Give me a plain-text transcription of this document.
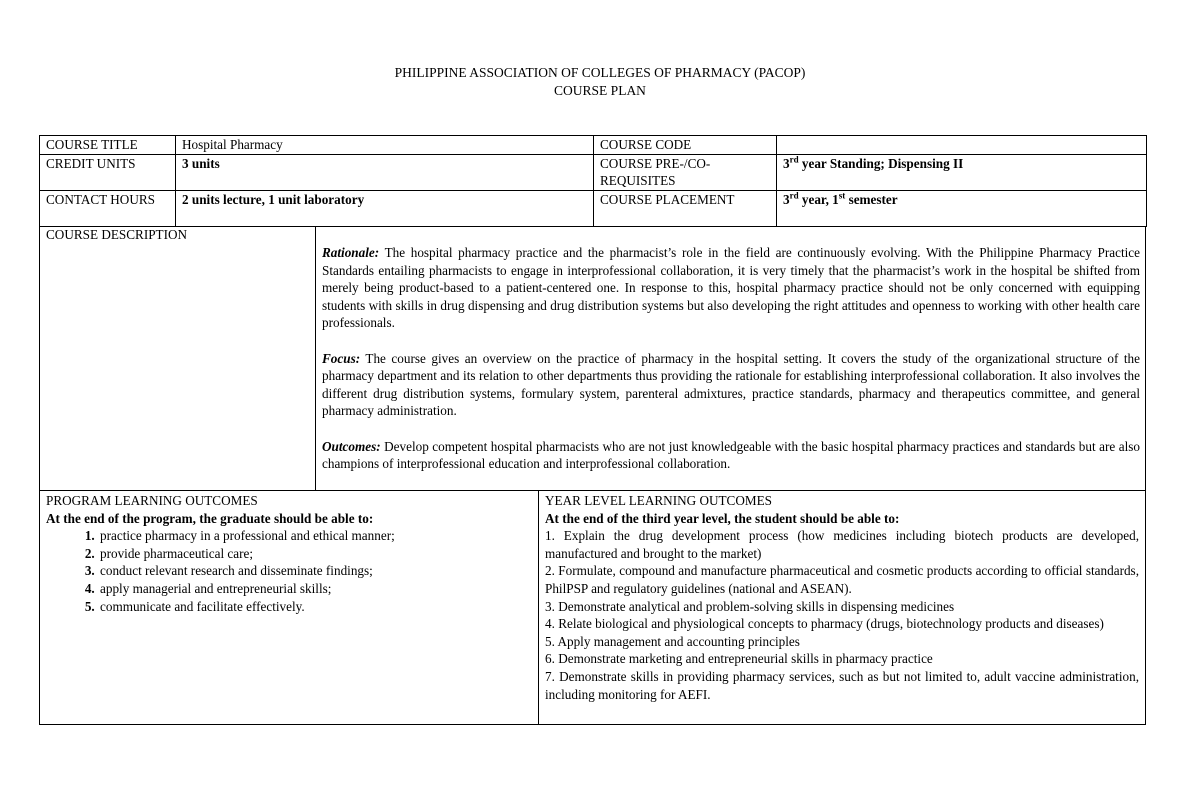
PHILIPPINE ASSOCIATION OF COLLEGES OF PHARMACY (PACOP)
COURSE PLAN
COURSE TITLE	Hospital Pharmacy	COURSE CODE	
CREDIT UNITS	3 units	COURSE PRE-/CO-REQUISITES	3rd year Standing; Dispensing II
CONTACT HOURS	2 units lecture, 1 unit laboratory	COURSE PLACEMENT	3rd year, 1st semester
COURSE DESCRIPTION

Rationale: The hospital pharmacy practice and the pharmacist’s role in the field are continuously evolving. With the Philippine Pharmacy Practice Standards entailing pharmacists to engage in interprofessional collaboration, it is very timely that the pharmacist’s work in the hospital be shifted from merely being product-based to a patient-centered one. In response to this, hospital pharmacy practice should not be only concerned with equipping students with skills in drug dispensing and drug distribution systems but also developing the right attitudes and openness to working with other health care professionals.

Focus: The course gives an overview on the practice of pharmacy in the hospital setting. It covers the study of the organizational structure of the pharmacy department and its relation to other departments thus providing the rationale for establishing interprofessional collaboration. It also involves the different drug distribution systems, formulary system, parenteral admixtures, practice standards, pharmacy and therapeutics committee, and general pharmacy administration.

Outcomes: Develop competent hospital pharmacists who are not just knowledgeable with the basic hospital pharmacy practices and standards but are also champions of interprofessional education and interprofessional collaboration.

PROGRAM LEARNING OUTCOMES
At the end of the program, the graduate should be able to:
1. practice pharmacy in a professional and ethical manner;
2. provide pharmaceutical care;
3. conduct relevant research and disseminate findings;
4. apply managerial and entrepreneurial skills;
5. communicate and facilitate effectively.
YEAR LEVEL LEARNING OUTCOMES
At the end of the third year level, the student should be able to:
1. Explain the drug development process (how medicines including biotech products are developed, manufactured and brought to the market)
2. Formulate, compound and manufacture pharmaceutical and cosmetic products according to official standards, PhilPSP and regulatory guidelines (national and ASEAN).
3. Demonstrate analytical and problem-solving skills in dispensing medicines
4. Relate biological and physiological concepts to pharmacy (drugs, biotechnology products and diseases)
5. Apply management and accounting principles
6. Demonstrate marketing and entrepreneurial skills in pharmacy practice
7. Demonstrate skills in providing pharmacy services, such as but not limited to, adult vaccine administration, including monitoring for AEFI.
